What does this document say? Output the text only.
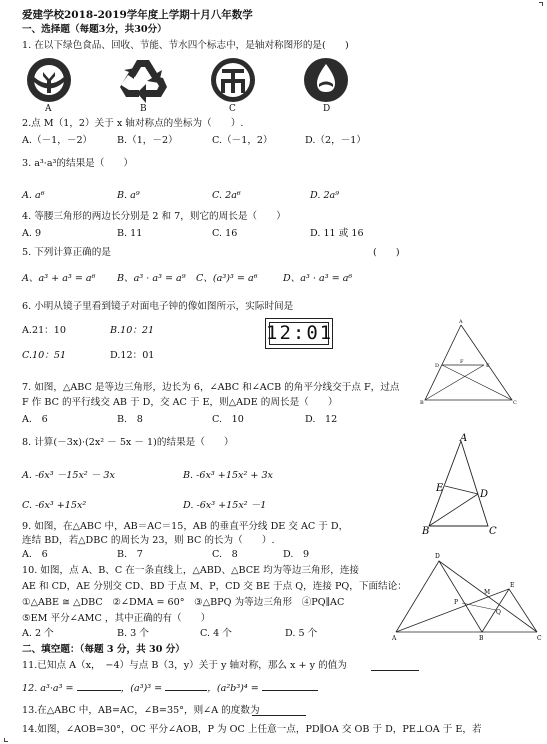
爱建学校2018-2019学年度上学期十月八年数学
一、选择题（每题3分，共30分）
1. 在以下绿色食品、回收、节能、节水四个标志中，是轴对称图形的是(　　)
A	B	C	D
2.点 M（1，2）关于 x 轴对称点的坐标为（　　）.
A.（－1，－2）	B.（1，－2）	C.（－1，2）	D.（2，－1）
3. a³·a³的结果是（　　）
A. a⁶	B. a⁹	C. 2a⁶	D. 2a⁹
4. 等腰三角形的两边长分别是 2 和 7，则它的周长是（　　）
A. 9	B. 11	C. 16	D. 11 或 16
5. 下列计算正确的是	(　　)
A、a³ + a³ = a⁶ B、a³ · a³ = a⁹ C、(a³)³ = a⁶	D、a³ · a³ = a⁶
6. 小明从镜子里看到镜子对面电子钟的像如图所示，实际时间是
A.21：10	B.10：21
C.10：51	D.12：01
12:01	A
B	C
D	E
F
7. 如图，△ABC 是等边三角形，边长为 6，∠ABC 和∠ACB 的角平分线交于点 F，过点
F 作 BC 的平行线交 AB 于 D，交 AC 于 E，则△ADE 的周长是（　　）
A.　6	B.　8	C.　10	D.　12
8. 计算(－3x)·(2x² － 5x － 1)的结果是（　　）
A. -6x³ －15x² － 3x	B. -6x³ +15x² + 3x
C. -6x³ +15x²	D. -6x³ +15x² －1
A
B	C
D
E
9. 如图，在△ABC 中，AB＝AC＝15，AB 的垂直平分线 DE 交 AC 于 D，
连结 BD，若△DBC 的周长为 23，则 BC 的长为（　　）.
A.　6	B.　7	C.　8	D.　9
10. 如图，点 A、B、C 在一条直线上，△ABD、△BCE 均为等边三角形，连接
AE 和 CD，AE 分别交 CD、BD 于点 M、P，CD 交 BE 于点 Q，连接 PQ，下面结论：
①△ABE ≅ △DBC　②∠DMA = 60°　③△BPQ 为等边三角形　④PQ∥AC
⑤EM 平分∠AMC ，其中正确的有（　　）
A. 2 个	B. 3 个	C. 4 个	D. 5 个
D
A	B	C
E
M
P
Q
二、填空题：（每题 3 分，共 30 分）
11.已知点 A（x，　−4）与点 B（3，y）关于 y 轴对称，那么 x + y 的值为
12. a³·a³ =	，(a³)³ =	，(a²b³)⁴ =
13.在△ABC 中，AB=AC，∠B=35°，则∠A 的度数为
14.如图，∠AOB=30°，OC 平分∠AOB，P 为 OC 上任意一点，PD∥OA 交 OB 于 D，PE⊥OA 于 E，若
